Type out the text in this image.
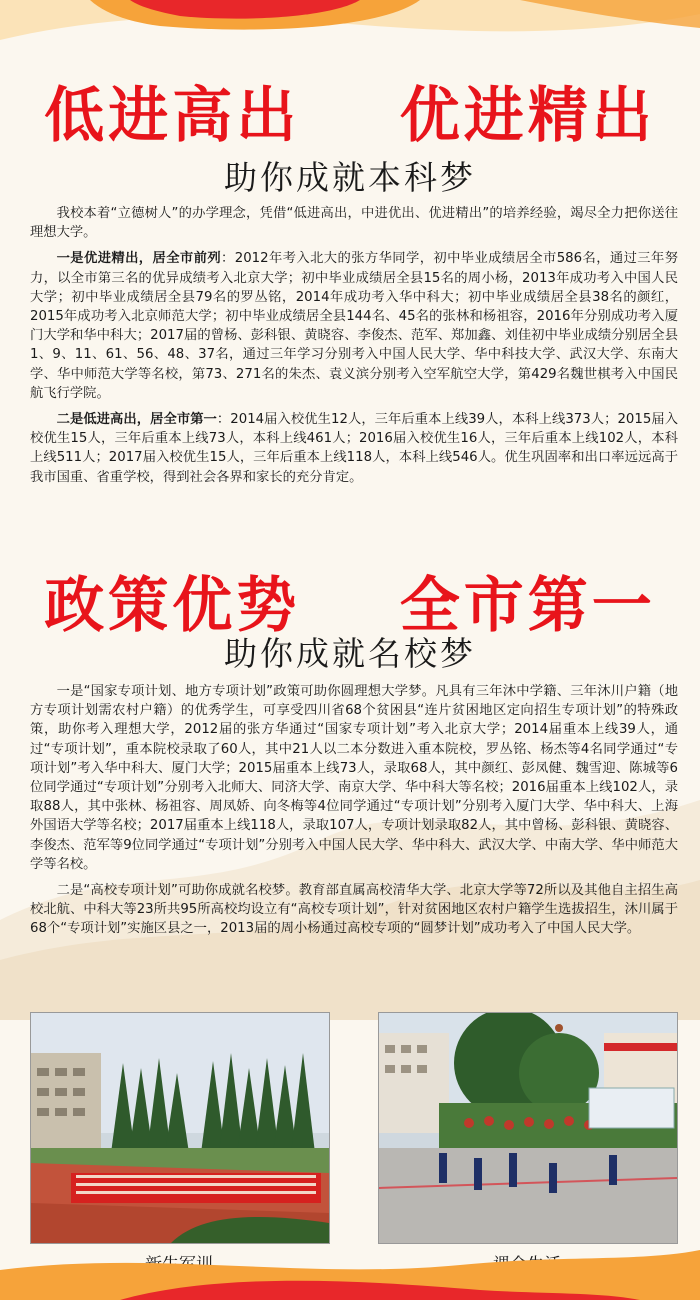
低进高出    优进精出
助你成就本科梦

我校本着“立德树人”的办学理念，凭借“低进高出，中进优出、优进精出”的培养经验，竭尽全力把你送往理想大学。

一是优进精出，居全市前列：2012年考入北大的张方华同学，初中毕业成绩居全市586名，通过三年努力，以全市第三名的优异成绩考入北京大学；初中毕业成绩居全县15名的周小杨，2013年成功考入中国人民大学；初中毕业成绩居全县79名的罗丛铭，2014年成功考入华中科大；初中毕业成绩居全县38名的颜红，2015年成功考入北京师范大学；初中毕业成绩居全县144名、45名的张林和杨祖容，2016年分别成功考入厦门大学和华中科大；2017届的曾杨、彭科银、黄晓容、李俊杰、范军、郑加鑫、刘佳初中毕业成绩分别居全县1、9、11、61、56、48、37名，通过三年学习分别考入中国人民大学、华中科技大学、武汉大学、东南大学、华中师范大学等名校，第73、271名的朱杰、袁义滨分别考入空军航空大学，第429名魏世棋考入中国民航飞行学院。

二是低进高出，居全市第一：2014届入校优生12人，三年后重本上线39人，本科上线373人；2015届入校优生15人，三年后重本上线73人，本科上线461人；2016届入校优生16人，三年后重本上线102人，本科上线511人；2017届入校优生15人，三年后重本上线118人，本科上线546人。优生巩固率和出口率远远高于我市国重、省重学校，得到社会各界和家长的充分肯定。

政策优势    全市第一
助你成就名校梦

一是“国家专项计划、地方专项计划”政策可助你圆理想大学梦。凡具有三年沐中学籍、三年沐川户籍（地方专项计划需农村户籍）的优秀学生，可享受四川省68个贫困县“连片贫困地区定向招生专项计划”的特殊政策，助你考入理想大学，2012届的张方华通过“国家专项计划”考入北京大学；2014届重本上线39人，通过“专项计划”，重本院校录取了60人，其中21人以二本分数进入重本院校，罗丛铭、杨杰等4名同学通过“专项计划”考入华中科大、厦门大学；2015届重本上线73人，录取68人，其中颜红、彭凤健、魏雪迎、陈城等6位同学通过“专项计划”分别考入北师大、同济大学、南京大学、华中科大等名校；2016届重本上线102人，录取88人，其中张林、杨祖容、周凤娇、向冬梅等4位同学通过“专项计划”分别考入厦门大学、华中科大、上海外国语大学等名校；2017届重本上线118人，录取107人，专项计划录取82人，其中曾杨、彭科银、黄晓容、李俊杰、范军等9位同学通过“专项计划”分别考入中国人民大学、华中科大、武汉大学、中南大学、华中师范大学等名校。

二是“高校专项计划”可助你成就名校梦。教育部直属高校清华大学、北京大学等72所以及其他自主招生高校北航、中科大等23所共95所高校均设立有“高校专项计划”，针对贫困地区农村户籍学生选拔招生，沐川属于68个“专项计划”实施区县之一，2013届的周小杨通过高校专项的“圆梦计划”成功考入了中国人民大学。
